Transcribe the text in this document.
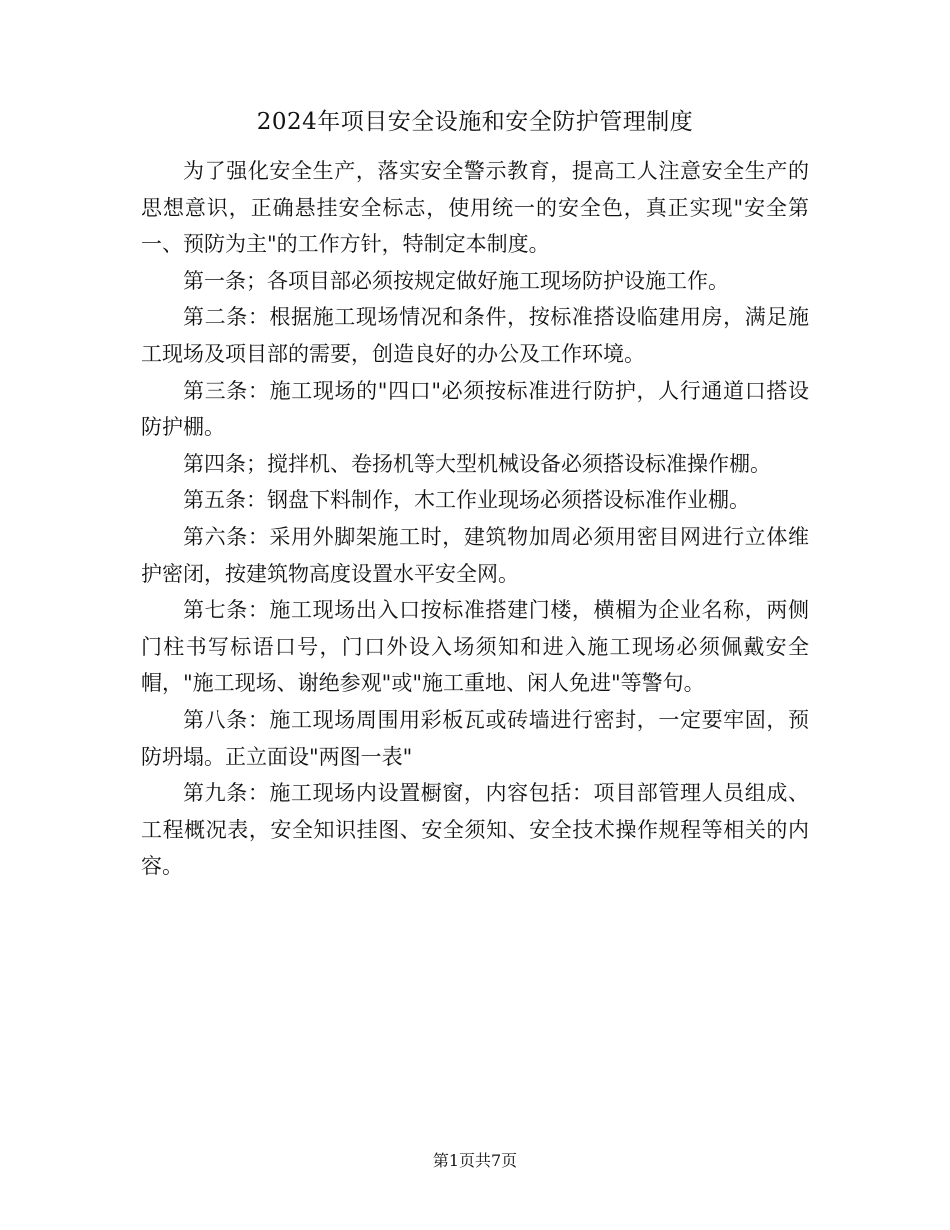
2024年项目安全设施和安全防护管理制度

为了强化安全生产，落实安全警示教育，提高工人注意安全生产的思想意识，正确悬挂安全标志，使用统一的安全色，真正实现"安全第一、预防为主"的工作方针，特制定本制度。

第一条；各项目部必须按规定做好施工现场防护设施工作。

第二条：根据施工现场情况和条件，按标准搭设临建用房，满足施工现场及项目部的需要，创造良好的办公及工作环境。

第三条：施工现场的"四口"必须按标准进行防护，人行通道口搭设防护棚。

第四条；搅拌机、卷扬机等大型机械设备必须搭设标准操作棚。

第五条：钢盘下料制作，木工作业现场必须搭设标准作业棚。

第六条：采用外脚架施工时，建筑物加周必须用密目网进行立体维护密闭，按建筑物高度设置水平安全网。

第七条：施工现场出入口按标准搭建门楼，横楣为企业名称，两侧门柱书写标语口号，门口外设入场须知和进入施工现场必须佩戴安全帽，"施工现场、谢绝参观"或"施工重地、闲人免进"等警句。

第八条：施工现场周围用彩板瓦或砖墙进行密封，一定要牢固，预防坍塌。正立面设"两图一表"

第九条：施工现场内设置橱窗，内容包括：项目部管理人员组成、工程概况表，安全知识挂图、安全须知、安全技术操作规程等相关的内容。

第1页共7页
